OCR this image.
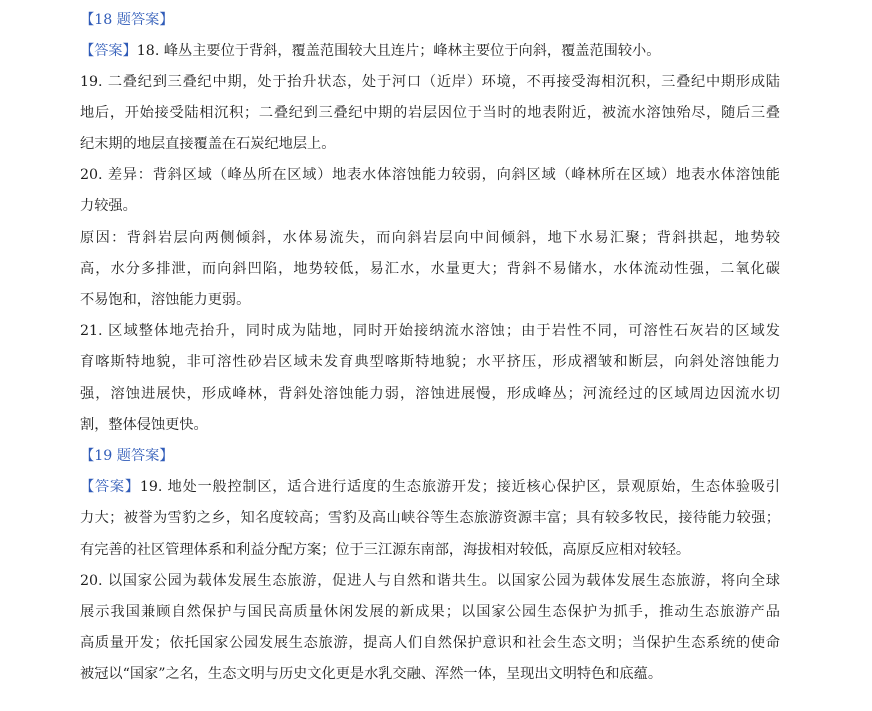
【18 题答案】
【答案】18. 峰丛主要位于背斜，覆盖范围较大且连片；峰林主要位于向斜，覆盖范围较小。
19. 二叠纪到三叠纪中期，处于抬升状态，处于河口（近岸）环境，不再接受海相沉积，三叠纪中期形成陆
地后，开始接受陆相沉积；二叠纪到三叠纪中期的岩层因位于当时的地表附近，被流水溶蚀殆尽，随后三叠
纪末期的地层直接覆盖在石炭纪地层上。
20. 差异：背斜区域（峰丛所在区域）地表水体溶蚀能力较弱，向斜区域（峰林所在区域）地表水体溶蚀能
力较强。
原因：背斜岩层向两侧倾斜，水体易流失，而向斜岩层向中间倾斜，地下水易汇聚；背斜拱起，地势较
高，水分多排泄，而向斜凹陷，地势较低，易汇水，水量更大；背斜不易储水，水体流动性强，二氧化碳
不易饱和，溶蚀能力更弱。
21. 区域整体地壳抬升，同时成为陆地，同时开始接纳流水溶蚀；由于岩性不同，可溶性石灰岩的区域发
育喀斯特地貌，非可溶性砂岩区域未发育典型喀斯特地貌；水平挤压，形成褶皱和断层，向斜处溶蚀能力
强，溶蚀进展快，形成峰林，背斜处溶蚀能力弱，溶蚀进展慢，形成峰丛；河流经过的区域周边因流水切
割，整体侵蚀更快。
【19 题答案】
【答案】19. 地处一般控制区，适合进行适度的生态旅游开发；接近核心保护区，景观原始，生态体验吸引
力大；被誉为雪豹之乡，知名度较高；雪豹及高山峡谷等生态旅游资源丰富；具有较多牧民，接待能力较强；
有完善的社区管理体系和利益分配方案；位于三江源东南部，海拔相对较低，高原反应相对较轻。
20. 以国家公园为载体发展生态旅游，促进人与自然和谐共生。以国家公园为载体发展生态旅游，将向全球
展示我国兼顾自然保护与国民高质量休闲发展的新成果；以国家公园生态保护为抓手，推动生态旅游产品
高质量开发；依托国家公园发展生态旅游，提高人们自然保护意识和社会生态文明；当保护生态系统的使命
被冠以“国家”之名，生态文明与历史文化更是水乳交融、浑然一体，呈现出文明特色和底蕴。
